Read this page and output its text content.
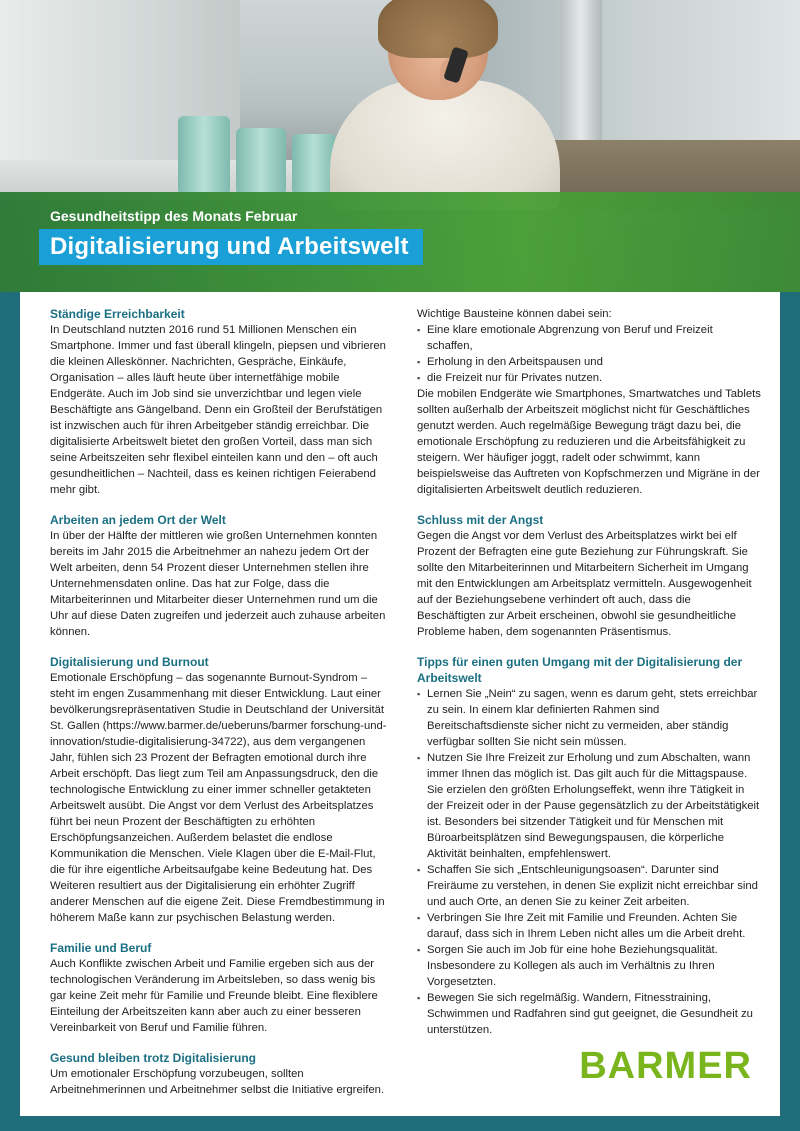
Gesundheitstipp des Monats Februar

Digitalisierung und Arbeitswelt
Ständige Erreichbarkeit

In Deutschland nutzten 2016 rund 51 Millionen Menschen ein Smartphone. Immer und fast überall klingeln, piepsen und vibrieren die kleinen Alleskönner. Nachrichten, Gespräche, Einkäufe, Organisation – alles läuft heute über internetfähige mobile Endgeräte. Auch im Job sind sie unverzichtbar und legen viele Beschäftigte ans Gängelband. Denn ein Großteil der Berufstätigen ist inzwischen auch für ihren Arbeitgeber ständig erreichbar. Die digitalisierte Arbeitswelt bietet den großen Vorteil, dass man sich seine Arbeitszeiten sehr flexibel einteilen kann und den – oft auch gesundheitlichen – Nachteil, dass es keinen richtigen Feierabend mehr gibt.

Arbeiten an jedem Ort der Welt

In über der Hälfte der mittleren wie großen Unternehmen konnten bereits im Jahr 2015 die Arbeitnehmer an nahezu jedem Ort der Welt arbeiten, denn 54 Prozent dieser Unternehmen stellen ihre Unternehmensdaten online. Das hat zur Folge, dass die Mitarbeiterinnen und Mitarbeiter dieser Unternehmen rund um die Uhr auf diese Daten zugreifen und jederzeit auch zuhause arbeiten können.

Digitalisierung und Burnout

Emotionale Erschöpfung – das sogenannte Burnout-Syndrom – steht im engen Zusammenhang mit dieser Entwicklung. Laut einer bevölkerungsrepräsentativen Studie in Deutschland der Universität St. Gallen (https://www.barmer.de/ueberuns/barmer forschung-und-innovation/studie-digitalisierung-34722), aus dem vergangenen Jahr, fühlen sich 23 Prozent der Befragten emotional durch ihre Arbeit erschöpft. Das liegt zum Teil am Anpassungsdruck, den die technologische Entwicklung zu einer immer schneller getakteten Arbeitswelt ausübt. Die Angst vor dem Verlust des Arbeitsplatzes führt bei neun Prozent der Beschäftigten zu erhöhten Erschöpfungsanzeichen. Außerdem belastet die endlose Kommunikation die Menschen. Viele Klagen über die E-Mail-Flut, die für ihre eigentliche Arbeitsaufgabe keine Bedeutung hat. Des Weiteren resultiert aus der Digitalisierung ein erhöhter Zugriff anderer Menschen auf die eigene Zeit. Diese Fremdbestimmung in höherem Maße kann zur psychischen Belastung werden.

Familie und Beruf

Auch Konflikte zwischen Arbeit und Familie ergeben sich aus der technologischen Veränderung im Arbeitsleben, so dass wenig bis gar keine Zeit mehr für Familie und Freunde bleibt. Eine flexiblere Einteilung der Arbeitszeiten kann aber auch zu einer besseren Vereinbarkeit von Beruf und Familie führen.

Gesund bleiben trotz Digitalisierung

Um emotionaler Erschöpfung vorzubeugen, sollten Arbeitnehmerinnen und Arbeitnehmer selbst die Initiative ergreifen.

Wichtige Bausteine können dabei sein:

▪ Eine klare emotionale Abgrenzung von Beruf und Freizeit schaffen,
▪ Erholung in den Arbeitspausen und
▪ die Freizeit nur für Privates nutzen.

Die mobilen Endgeräte wie Smartphones, Smartwatches und Tablets sollten außerhalb der Arbeitszeit möglichst nicht für Geschäftliches genutzt werden. Auch regelmäßige Bewegung trägt dazu bei, die emotionale Erschöpfung zu reduzieren und die Arbeitsfähigkeit zu steigern. Wer häufiger joggt, radelt oder schwimmt, kann beispielsweise das Auftreten von Kopfschmerzen und Migräne in der digitalisierten Arbeitswelt deutlich reduzieren.

Schluss mit der Angst

Gegen die Angst vor dem Verlust des Arbeitsplatzes wirkt bei elf Prozent der Befragten eine gute Beziehung zur Führungskraft. Sie sollte den Mitarbeiterinnen und Mitarbeitern Sicherheit im Umgang mit den Entwicklungen am Arbeitsplatz vermitteln. Ausgewogenheit auf der Beziehungsebene verhindert oft auch, dass die Beschäftigten zur Arbeit erscheinen, obwohl sie gesundheitliche Probleme haben, dem sogenannten Präsentismus.

Tipps für einen guten Umgang mit der Digitalisierung der Arbeitswelt
▪ Lernen Sie „Nein“ zu sagen, wenn es darum geht, stets erreichbar zu sein. In einem klar definierten Rahmen sind Bereitschaftsdienste sicher nicht zu vermeiden, aber ständig verfügbar sollten Sie nicht sein müssen.
▪ Nutzen Sie Ihre Freizeit zur Erholung und zum Abschalten, wann immer Ihnen das möglich ist. Das gilt auch für die Mittagspause. Sie erzielen den größten Erholungseffekt, wenn ihre Tätigkeit in der Freizeit oder in der Pause gegensätzlich zu der Arbeitstätigkeit ist. Besonders bei sitzender Tätigkeit und für Menschen mit Büroarbeitsplätzen sind Bewegungspausen, die körperliche Aktivität beinhalten, empfehlenswert.
▪ Schaffen Sie sich „Entschleunigungsoasen“. Darunter sind Freiräume zu verstehen, in denen Sie explizit nicht erreichbar sind und auch Orte, an denen Sie zu keiner Zeit arbeiten.
▪ Verbringen Sie Ihre Zeit mit Familie und Freunden. Achten Sie darauf, dass sich in Ihrem Leben nicht alles um die Arbeit dreht.
▪ Sorgen Sie auch im Job für eine hohe Beziehungsqualität. Insbesondere zu Kollegen als auch im Verhältnis zu Ihren Vorgesetzten.
▪ Bewegen Sie sich regelmäßig. Wandern, Fitnesstraining, Schwimmen und Radfahren sind gut geeignet, die Gesundheit zu unterstützen.
BARMER
